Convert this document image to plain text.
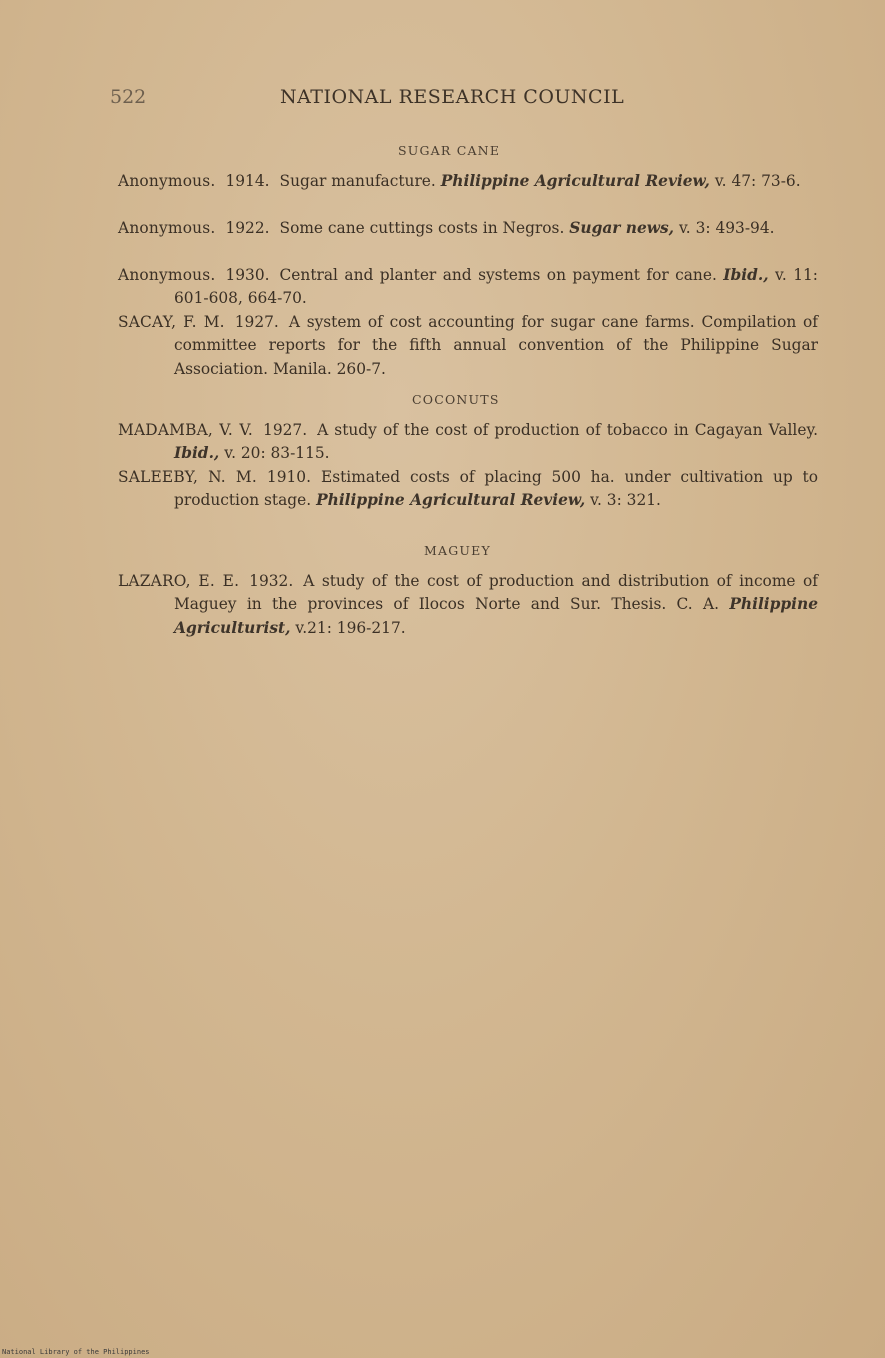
522	NATIONAL RESEARCH COUNCIL
SUGAR CANE
Anonymous. 1914. Sugar manufacture. Philippine Agricultural Review, v. 47: 73-6.
Anonymous. 1922. Some cane cuttings costs in Negros. Sugar news, v. 3: 493-94.
Anonymous. 1930. Central and planter and systems on payment for cane. Ibid., v. 11: 601-608, 664-70.
SACAY, F. M. 1927. A system of cost accounting for sugar cane farms. Compilation of committee reports for the fifth annual convention of the Philippine Sugar Association. Manila. 260-7.
COCONUTS
MADAMBA, V. V. 1927. A study of the cost of production of tobacco in Cagayan Valley. Ibid., v. 20: 83-115.
SALEEBY, N. M. 1910. Estimated costs of placing 500 ha. under cultivation up to production stage. Philippine Agricultural Review, v. 3: 321.
MAGUEY
LAZARO, E. E. 1932. A study of the cost of production and distribution of income of Maguey in the provinces of Ilocos Norte and Sur. Thesis. C. A. Philippine Agriculturist, v.21: 196-217.
National Library of the Philippines
